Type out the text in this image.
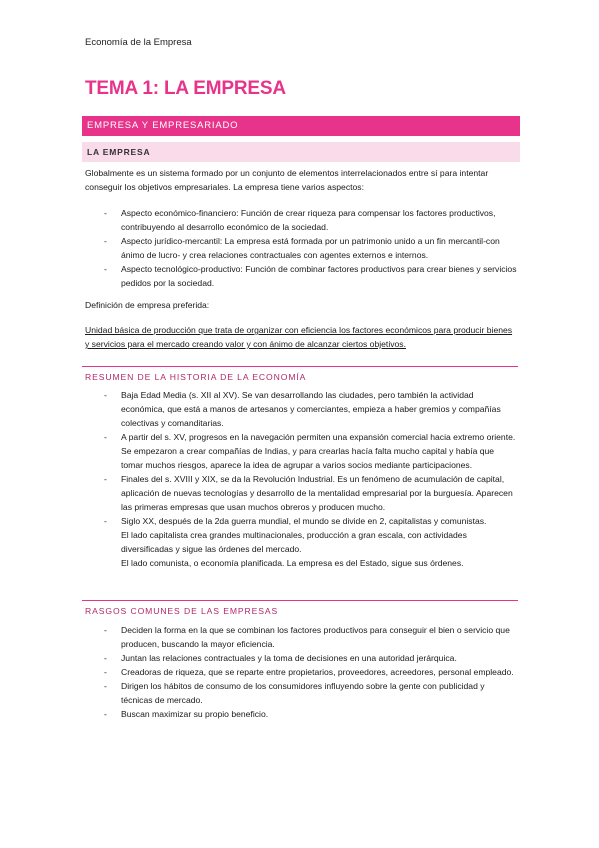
Economía de la Empresa
TEMA 1: LA EMPRESA
EMPRESA Y EMPRESARIADO
LA EMPRESA
Globalmente es un sistema formado por un conjunto de elementos interrelacionados entre sí para intentar conseguir los objetivos empresariales. La empresa tiene varios aspectos:
- Aspecto económico-financiero: Función de crear riqueza para compensar los factores productivos, contribuyendo al desarrollo económico de la sociedad.
- Aspecto jurídico-mercantil: La empresa está formada por un patrimonio unido a un fin mercantil-con ánimo de lucro- y crea relaciones contractuales con agentes externos e internos.
- Aspecto tecnológico-productivo: Función de combinar factores productivos para crear bienes y servicios pedidos por la sociedad.
Definición de empresa preferida:
Unidad básica de producción que trata de organizar con eficiencia los factores económicos para producir bienes y servicios para el mercado creando valor y con ánimo de alcanzar ciertos objetivos.
RESUMEN DE LA HISTORIA DE LA ECONOMÍA
- Baja Edad Media (s. XII al XV). Se van desarrollando las ciudades, pero también la actividad económica, que está a manos de artesanos y comerciantes, empieza a haber gremios y compañías colectivas y comanditarias.
- A partir del s. XV, progresos en la navegación permiten una expansión comercial hacia extremo oriente. Se empezaron a crear compañías de Indias, y para crearlas hacía falta mucho capital y había que tomar muchos riesgos, aparece la idea de agrupar a varios socios mediante participaciones.
- Finales del s. XVIII y XIX, se da la Revolución Industrial. Es un fenómeno de acumulación de capital, aplicación de nuevas tecnologías y desarrollo de la mentalidad empresarial por la burguesía. Aparecen las primeras empresas que usan muchos obreros y producen mucho.
- Siglo XX, después de la 2da guerra mundial, el mundo se divide en 2, capitalistas y comunistas.
El lado capitalista crea grandes multinacionales, producción a gran escala, con actividades diversificadas y sigue las órdenes del mercado.
El lado comunista, o economía planificada. La empresa es del Estado, sigue sus órdenes.
RASGOS COMUNES DE LAS EMPRESAS
- Deciden la forma en la que se combinan los factores productivos para conseguir el bien o servicio que producen, buscando la mayor eficiencia.
- Juntan las relaciones contractuales y la toma de decisiones en una autoridad jerárquica.
- Creadoras de riqueza, que se reparte entre propietarios, proveedores, acreedores, personal empleado.
- Dirigen los hábitos de consumo de los consumidores influyendo sobre la gente con publicidad y técnicas de mercado.
- Buscan maximizar su propio beneficio.
